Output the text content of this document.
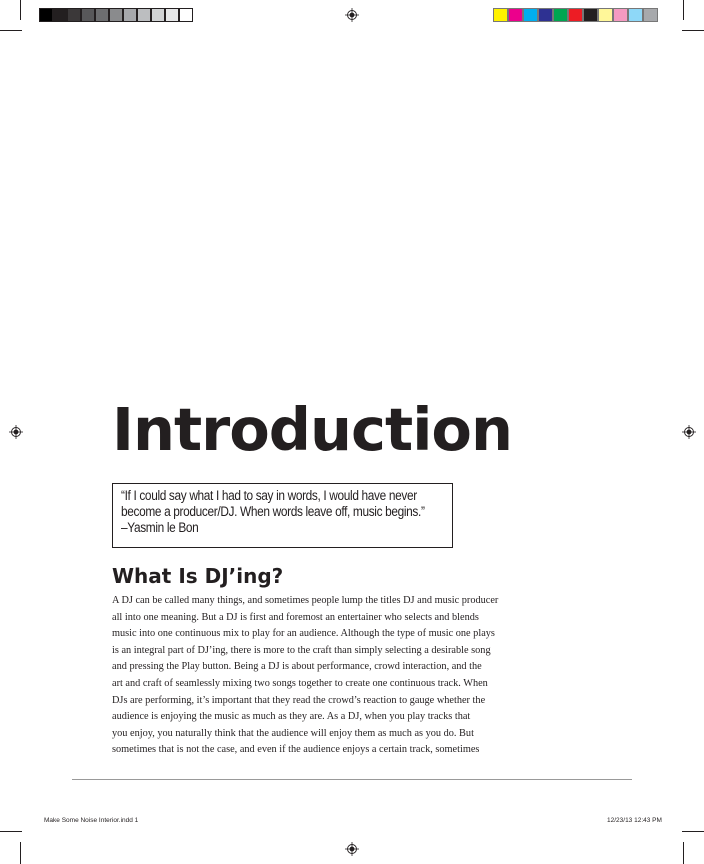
Introduction
“If I could say what I had to say in words, I would have never
become a producer/DJ. When words leave off, music begins.”
–Yasmin le Bon
What Is DJ’ing?
A DJ can be called many things, and sometimes people lump the titles DJ and music producer
all into one meaning. But a DJ is first and foremost an entertainer who selects and blends
music into one continuous mix to play for an audience. Although the type of music one plays
is an integral part of DJ’ing, there is more to the craft than simply selecting a desirable song
and pressing the Play button. Being a DJ is about performance, crowd interaction, and the
art and craft of seamlessly mixing two songs together to create one continuous track. When
DJs are performing, it’s important that they read the crowd’s reaction to gauge whether the
audience is enjoying the music as much as they are. As a DJ, when you play tracks that
you enjoy, you naturally think that the audience will enjoy them as much as you do. But
sometimes that is not the case, and even if the audience enjoys a certain track, sometimes
Make Some Noise Interior.indd 1	12/23/13 12:43 PM
